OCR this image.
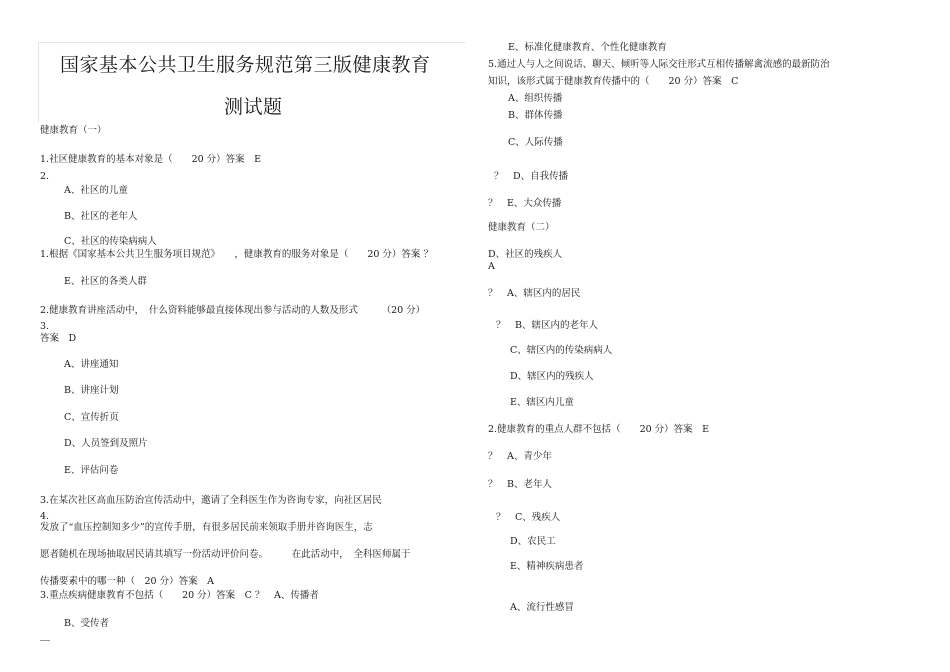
国家基本公共卫生服务规范第三版健康教育
测试题
健康教育（一）
1.社区健康教育的基本对象是（　　20 分）答案　E
2.
A、社区的儿童
B、社区的老年人
C、社区的传染病病人
1.根据《国家基本公共卫生服务项目规范》　　，健康教育的服务对象是（　　20 分）答案 ？
E、社区的各类人群
2.健康教育讲座活动中，　什么资料能够最直接体现出参与活动的人数及形式　　　（20 分）
3.
答案　D
A、讲座通知
B、讲座计划
C、宣传折页
D、人员签到及照片
E、评估问卷
3.在某次社区高血压防治宣传活动中，邀请了全科医生作为咨询专家，向社区居民
4.
发放了“血压控制知多少”的宣传手册，有很多居民前来领取手册并咨询医生，志
愿者随机在现场抽取居民请其填写一份活动评价问卷。　　　在此活动中，　全科医师属于
传播要素中的哪一种（　20 分）答案　A
3.重点疾病健康教育不包括（　　20 分）答案　C ？　A、传播者
B、受传者
E、标准化健康教育、个性化健康教育
5.通过人与人之间说话、聊天、倾听等人际交往形式互相传播解禽流感的最新防治
知识，该形式属于健康教育传播中的（　　20 分）答案　C
A、组织传播
B、群体传播
C、人际传播
？　D、自我传播
？　E、大众传播
健康教育（二）
D、社区的残疾人
A
？　A、辖区内的居民
？　B、辖区内的老年人
C、辖区内的传染病病人
D、辖区内的残疾人
E、辖区内儿童
2.健康教育的重点人群不包括（　　20 分）答案　E
？　A、青少年
？　B、老年人
？　C、残疾人
D、农民工
E、精神疾病患者
A、流行性感冒
